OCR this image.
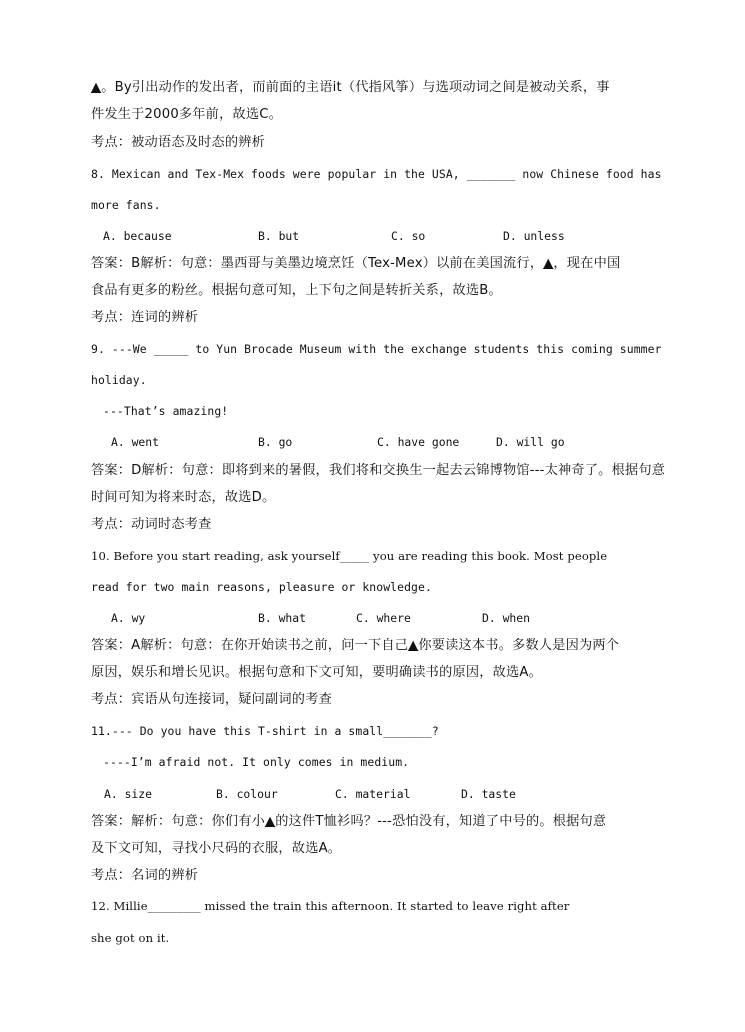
▲。By引出动作的发出者，而前面的主语it（代指风筝）与选项动词之间是被动关系，事
件发生于2000多年前，故选C。
考点：被动语态及时态的辨析
8. Mexican and Tex-Mex foods were popular in the USA, _______ now Chinese food has
more fans.
A. because	B. but	C. so	D. unless
答案：B解析：句意：墨西哥与美墨边境烹饪（Tex-Mex）以前在美国流行，▲，现在中国
食品有更多的粉丝。根据句意可知，上下句之间是转折关系，故选B。
考点：连词的辨析
9. ---We _____ to Yun Brocade Museum with the exchange students this coming summer
holiday.
---That’s amazing!
A. went	B. go	C. have gone	D. will go
答案：D解析：句意：即将到来的暑假，我们将和交换生一起去云锦博物馆---太神奇了。根据句意
时间可知为将来时态，故选D。
考点：动词时态考查
10. Before you start reading, ask yourself_____ you are reading this book. Most people
read for two main reasons, pleasure or knowledge.
A. wy	B. what	C. where	D. when
答案：A解析：句意：在你开始读书之前，问一下自己▲你要读这本书。多数人是因为两个
原因，娱乐和增长见识。根据句意和下文可知，要明确读书的原因，故选A。
考点：宾语从句连接词，疑问副词的考查
11.--- Do you have this T-shirt in a small_______?
----I’m afraid not. It only comes in medium.
A. size	B. colour	C. material	D. taste
答案：解析：句意：你们有小▲的这件T恤衫吗？---恐怕没有，知道了中号的。根据句意
及下文可知，寻找小尺码的衣服，故选A。
考点：名词的辨析
12. Millie_________ missed the train this afternoon. It started to leave right after
she got on it.
